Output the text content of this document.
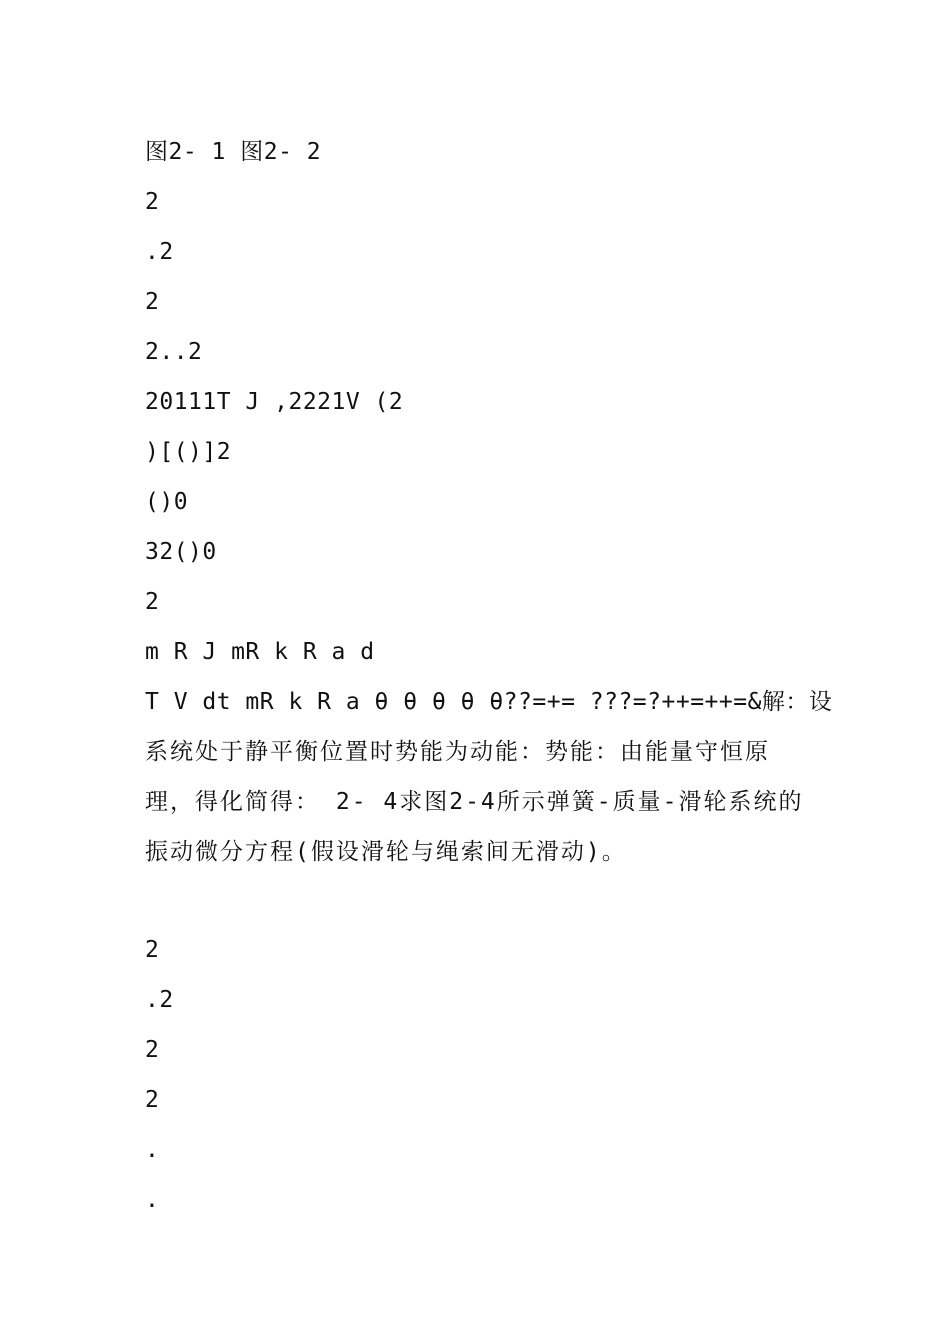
图2- 1 图2- 2

2

.2

2

2..2

20111T J ,2221V (2

)[()]2

()0

32()0

2

m R J mR k R a d

T V dt mR k R a θ θ θ θ θ??=+= ???=?++=++=&解：设

系统处于静平衡位置时势能为动能：势能：由能量守恒原

理，得化简得： 2- 4求图2-4所示弹簧-质量-滑轮系统的

振动微分方程(假设滑轮与绳索间无滑动)。

2

.2

2

2

.

.
